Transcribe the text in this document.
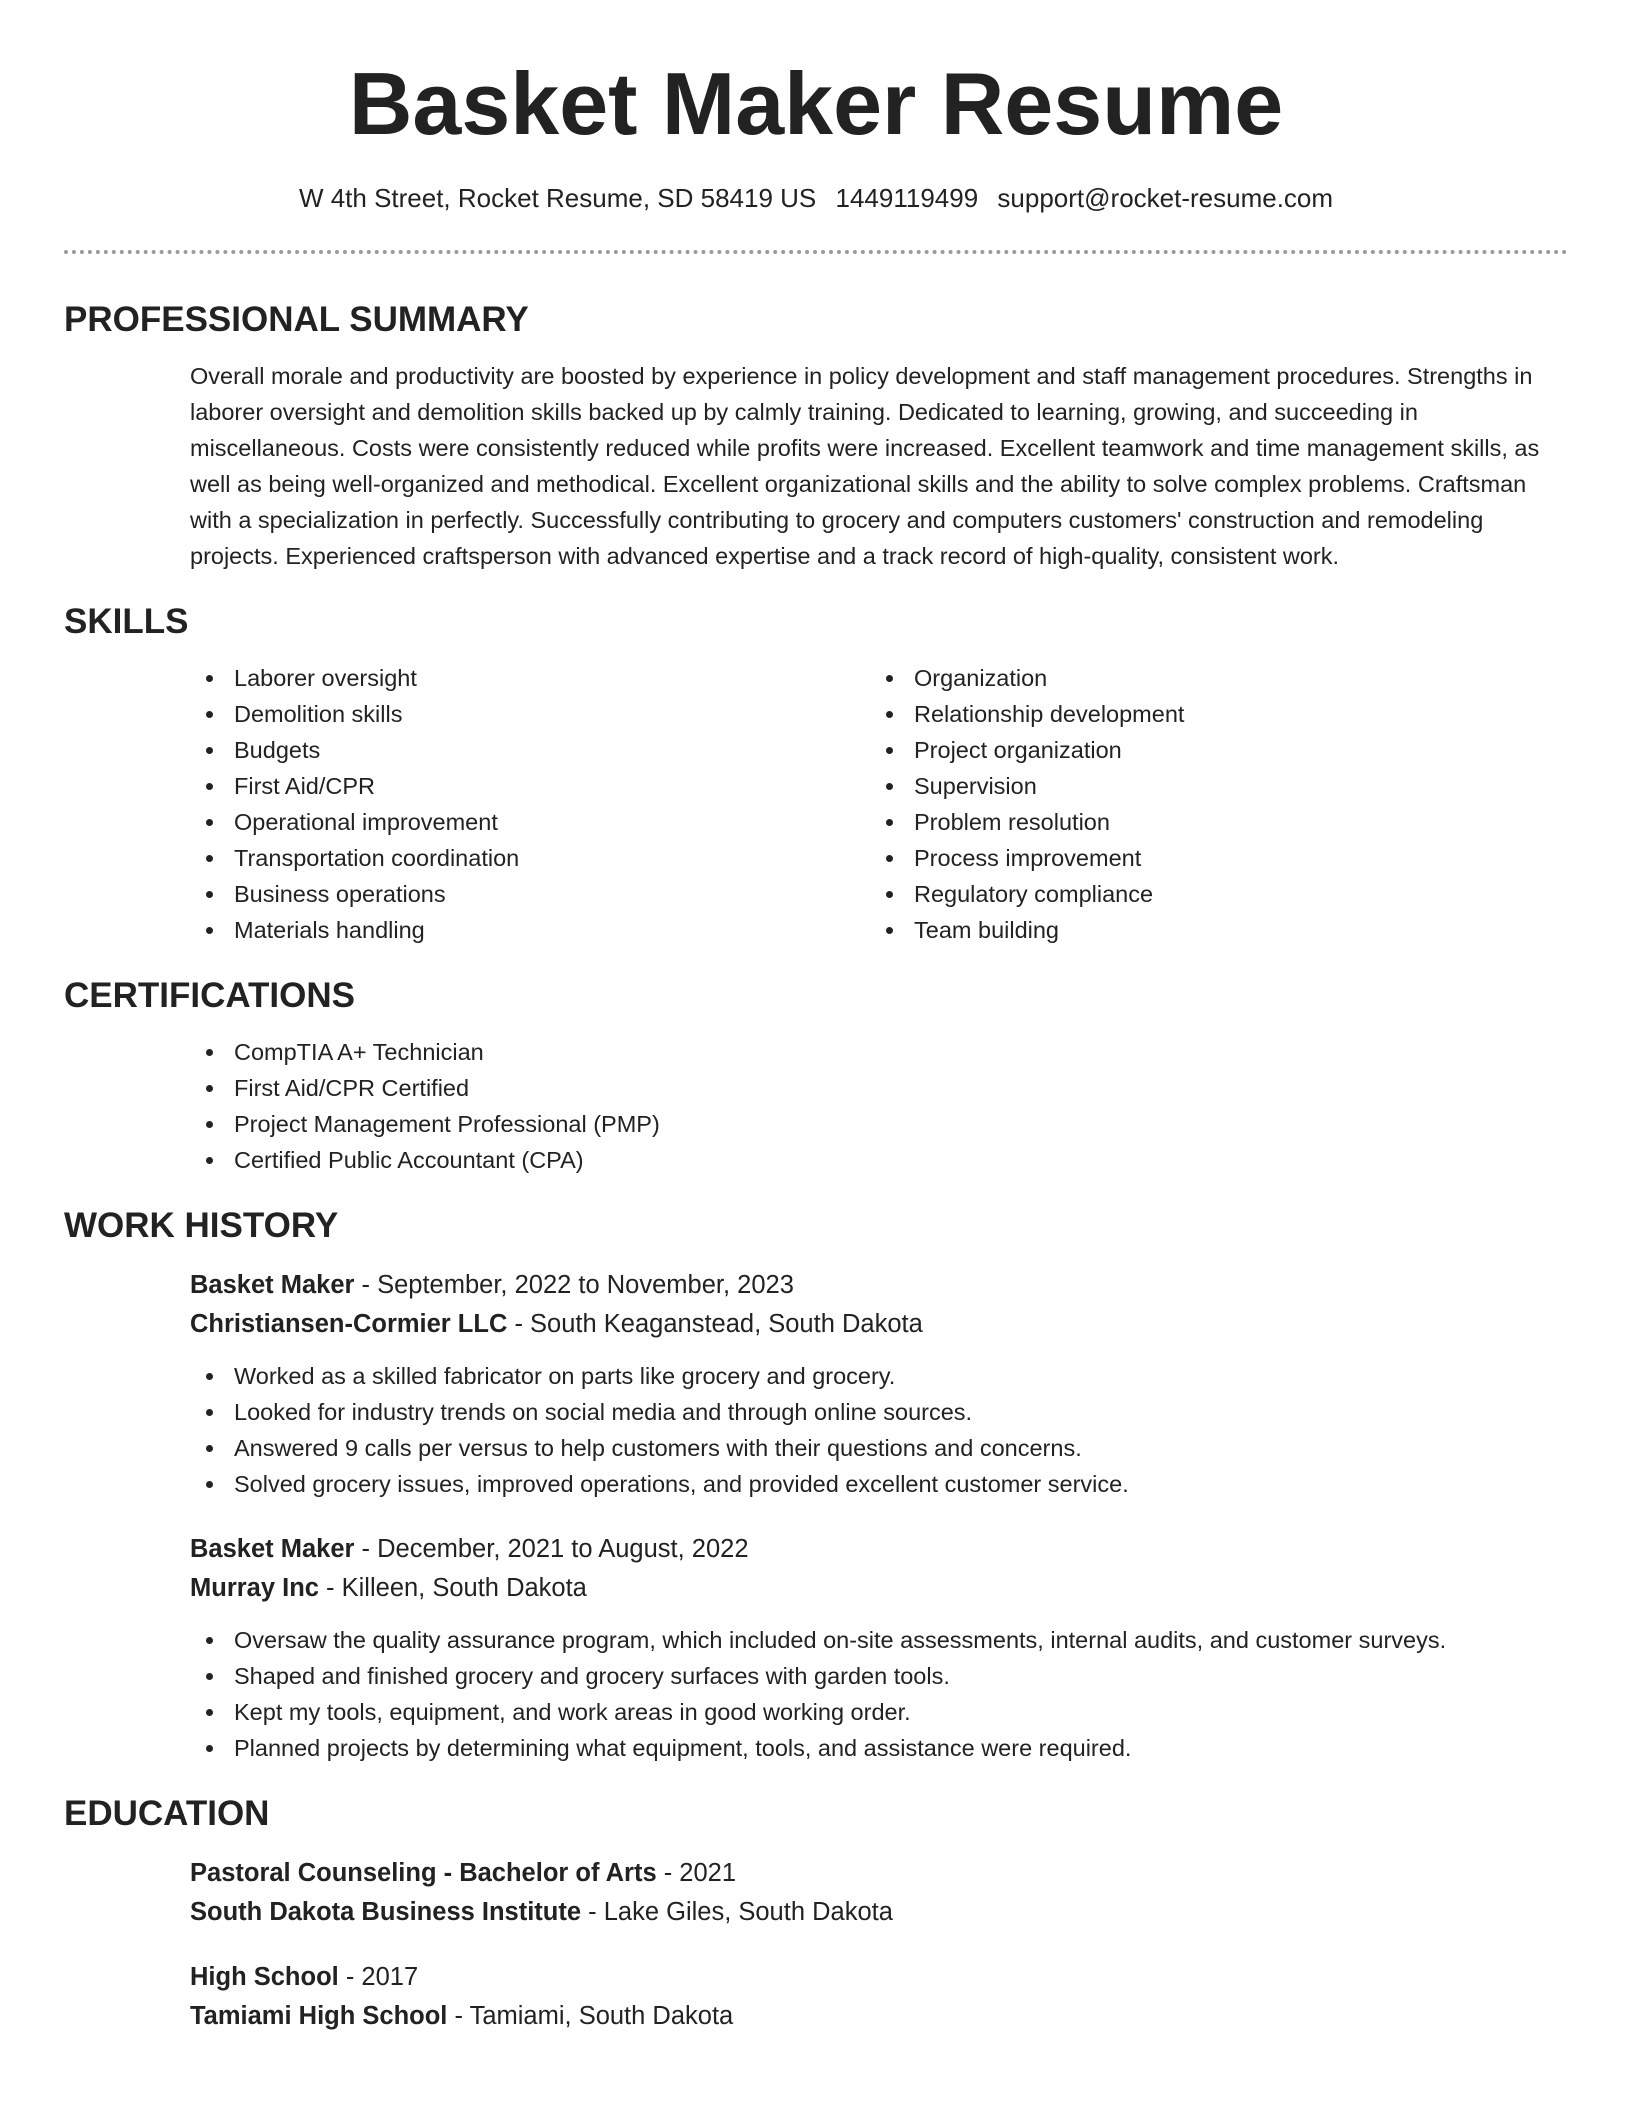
Basket Maker Resume
W 4th Street, Rocket Resume, SD 58419 US 1449119499 support@rocket-resume.com
PROFESSIONAL SUMMARY

Overall morale and productivity are boosted by experience in policy development and staff management procedures. Strengths in laborer oversight and demolition skills backed up by calmly training. Dedicated to learning, growing, and succeeding in miscellaneous. Costs were consistently reduced while profits were increased. Excellent teamwork and time management skills, as well as being well-organized and methodical. Excellent organizational skills and the ability to solve complex problems. Craftsman with a specialization in perfectly. Successfully contributing to grocery and computers customers' construction and remodeling projects. Experienced craftsperson with advanced expertise and a track record of high-quality, consistent work.

SKILLS
Laborer oversight
Demolition skills
Budgets
First Aid/CPR
Operational improvement
Transportation coordination
Business operations
Materials handling
Organization
Relationship development
Project organization
Supervision
Problem resolution
Process improvement
Regulatory compliance
Team building
CERTIFICATIONS
CompTIA A+ Technician
First Aid/CPR Certified
Project Management Professional (PMP)
Certified Public Accountant (CPA)
WORK HISTORY
Basket Maker - September, 2022 to November, 2023
Christiansen-Cormier LLC - South Keaganstead, South Dakota
Worked as a skilled fabricator on parts like grocery and grocery.
Looked for industry trends on social media and through online sources.
Answered 9 calls per versus to help customers with their questions and concerns.
Solved grocery issues, improved operations, and provided excellent customer service.
Basket Maker - December, 2021 to August, 2022
Murray Inc - Killeen, South Dakota
Oversaw the quality assurance program, which included on-site assessments, internal audits, and customer surveys.
Shaped and finished grocery and grocery surfaces with garden tools.
Kept my tools, equipment, and work areas in good working order.
Planned projects by determining what equipment, tools, and assistance were required.
EDUCATION
Pastoral Counseling - Bachelor of Arts - 2021
South Dakota Business Institute - Lake Giles, South Dakota
High School - 2017
Tamiami High School - Tamiami, South Dakota
